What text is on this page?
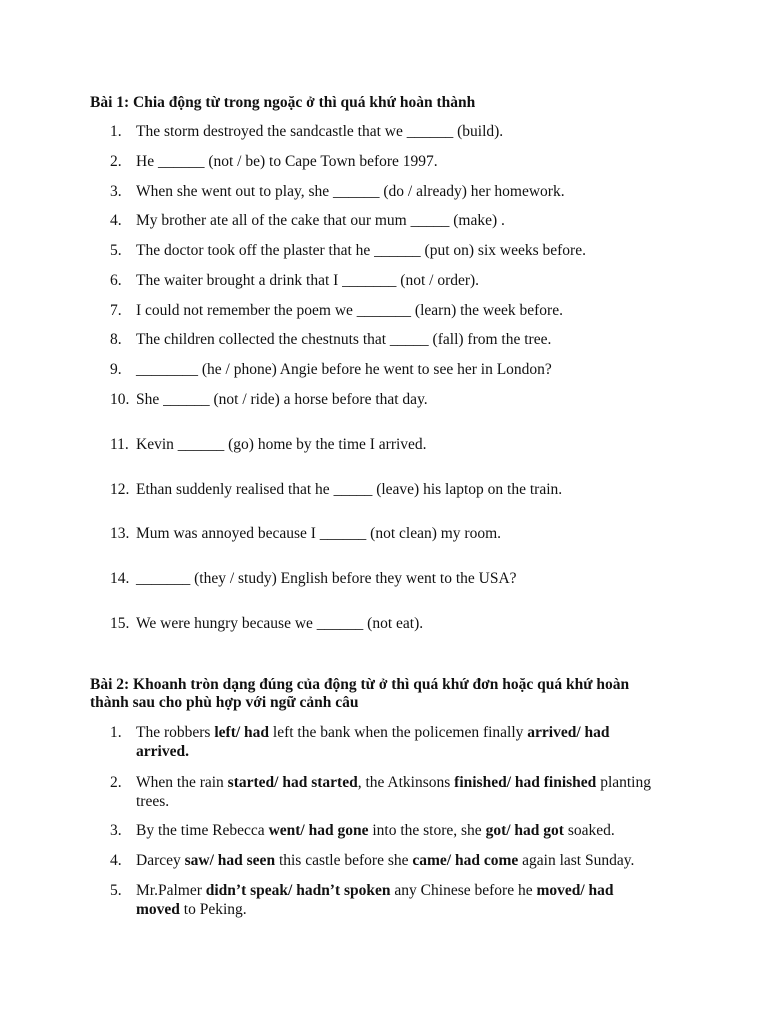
Bài 1: Chia động từ trong ngoặc ở thì quá khứ hoàn thành
1. The storm destroyed the sandcastle that we ______ (build).
2. He ______ (not / be) to Cape Town before 1997.
3. When she went out to play, she ______ (do / already) her homework.
4. My brother ate all of the cake that our mum _____ (make) .
5. The doctor took off the plaster that he ______ (put on) six weeks before.
6. The waiter brought a drink that I _______ (not / order).
7. I could not remember the poem we _______ (learn) the week before.
8. The children collected the chestnuts that _____ (fall) from the tree.
9. ________ (he / phone) Angie before he went to see her in London?
10. She ______ (not / ride) a horse before that day.
11. Kevin ______ (go) home by the time I arrived.
12. Ethan suddenly realised that he _____ (leave) his laptop on the train.
13. Mum was annoyed because I ______ (not clean) my room.
14. _______ (they / study) English before they went to the USA?
15. We were hungry because we ______ (not eat).
Bài 2: Khoanh tròn dạng đúng của động từ ở thì quá khứ đơn hoặc quá khứ hoàn
thành sau cho phù hợp với ngữ cảnh câu
1. The robbers left/ had left the bank when the policemen finally arrived/ had
arrived.
2. When the rain started/ had started, the Atkinsons finished/ had finished planting
trees.
3. By the time Rebecca went/ had gone into the store, she got/ had got soaked.
4. Darcey saw/ had seen this castle before she came/ had come again last Sunday.
5. Mr.Palmer didn’t speak/ hadn’t spoken any Chinese before he moved/ had
moved to Peking.
